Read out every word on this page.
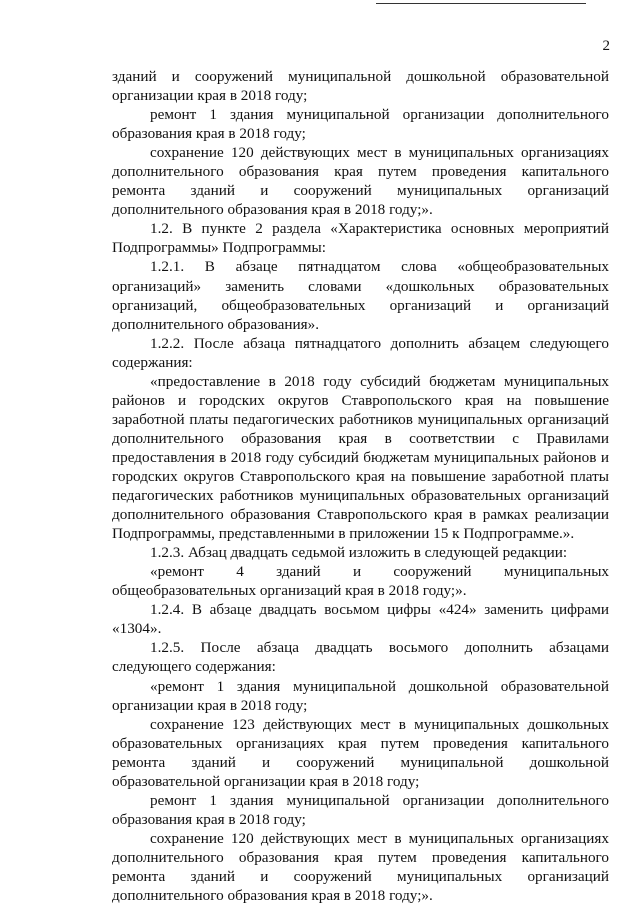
2

зданий и сооружений муниципальной дошкольной образовательной организации края в 2018 году;

ремонт 1 здания муниципальной организации дополнительного образования края в 2018 году;

сохранение 120 действующих мест в муниципальных организациях дополнительного образования края путем проведения капитального ремонта зданий и сооружений муниципальных организаций дополнительного образования края в 2018 году;».

1.2. В пункте 2 раздела «Характеристика основных мероприятий Подпрограммы» Подпрограммы:

1.2.1. В абзаце пятнадцатом слова «общеобразовательных организаций» заменить словами «дошкольных образовательных организаций, общеобразовательных организаций и организаций дополнительного образования».

1.2.2. После абзаца пятнадцатого дополнить абзацем следующего содержания:

«предоставление в 2018 году субсидий бюджетам муниципальных районов и городских округов Ставропольского края на повышение заработной платы педагогических работников муниципальных организаций дополнительного образования края в соответствии с Правилами предоставления в 2018 году субсидий бюджетам муниципальных районов и городских округов Ставропольского края на повышение заработной платы педагогических работников муниципальных образовательных организаций дополнительного образования Ставропольского края в рамках реализации Подпрограммы, представленными в приложении 15 к Подпрограмме.».

1.2.3. Абзац двадцать седьмой изложить в следующей редакции:

«ремонт 4 зданий и сооружений муниципальных общеобразовательных организаций края в 2018 году;».

1.2.4. В абзаце двадцать восьмом цифры «424» заменить цифрами «1304».

1.2.5. После абзаца двадцать восьмого дополнить абзацами следующего содержания:

«ремонт 1 здания муниципальной дошкольной образовательной организации края в 2018 году;

сохранение 123 действующих мест в муниципальных дошкольных образовательных организациях края путем проведения капитального ремонта зданий и сооружений муниципальной дошкольной образовательной организации края в 2018 году;

ремонт 1 здания муниципальной организации дополнительного образования края в 2018 году;

сохранение 120 действующих мест в муниципальных организациях дополнительного образования края путем проведения капитального ремонта зданий и сооружений муниципальных организаций дополнительного образования края в 2018 году;».
